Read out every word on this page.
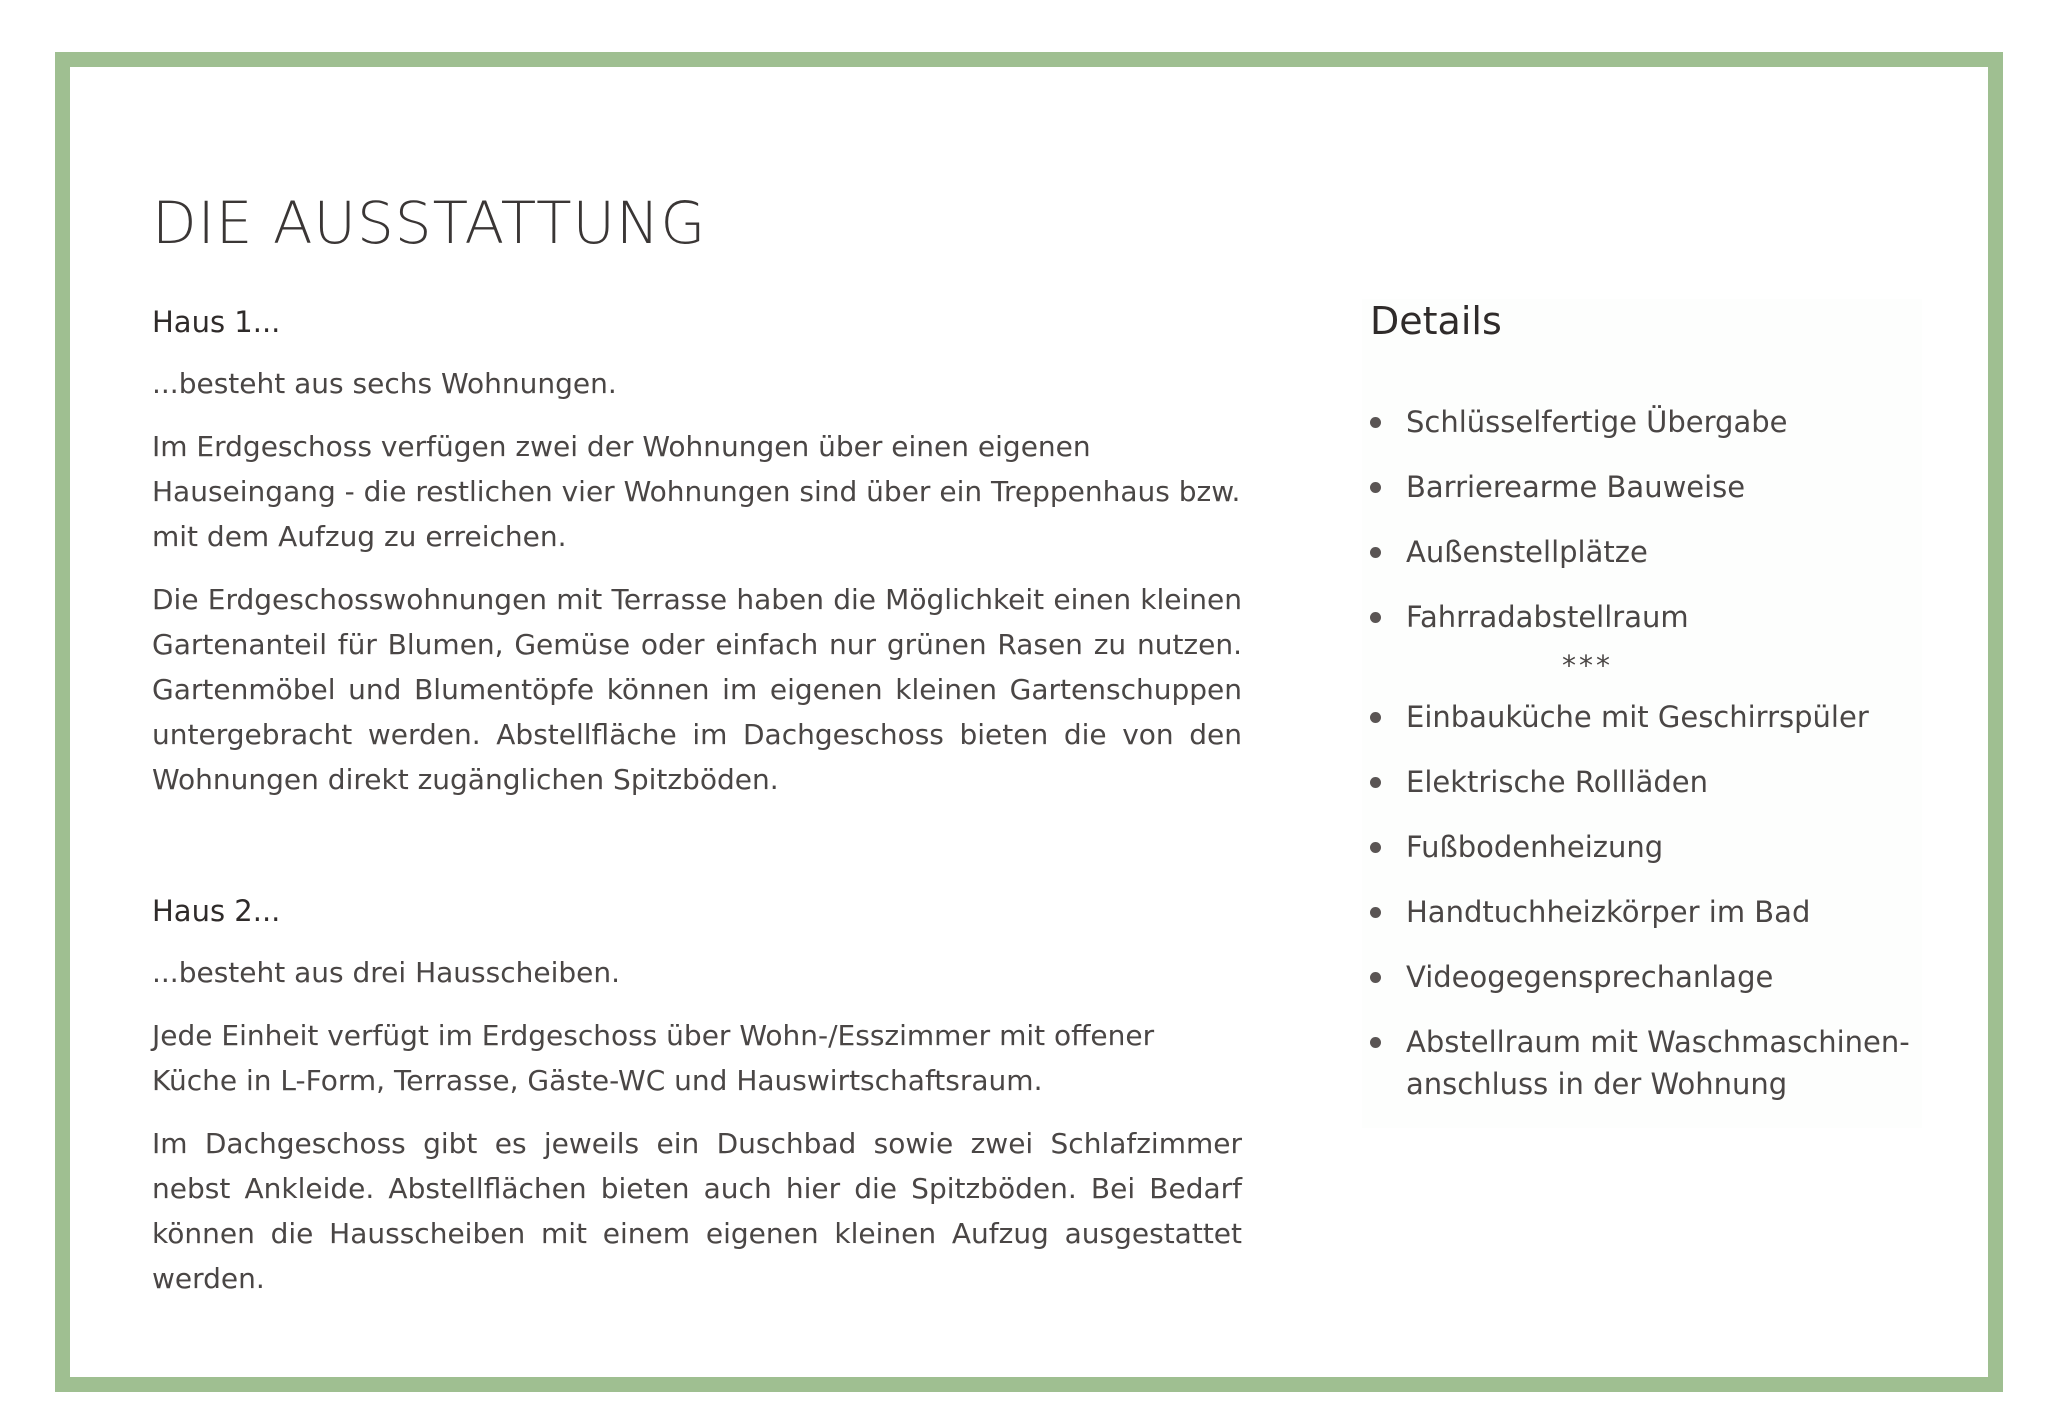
DIE AUSSTATTUNG
Haus 1...

...besteht aus sechs Wohnungen.

Im Erdgeschoss verfügen zwei der Wohnungen über einen eigenen Hauseingang - die restlichen vier Wohnungen sind über ein Treppenhaus bzw. mit dem Aufzug zu erreichen.

Die Erdgeschosswohnungen mit Terrasse haben die Möglichkeit einen kleinen Gartenanteil für Blumen, Gemüse oder einfach nur grünen Rasen zu nutzen. Gartenmöbel und Blumentöpfe können im eigenen kleinen Gartenschuppen untergebracht werden. Abstellfläche im Dachgeschoss bieten die von den Wohnungen direkt zugänglichen Spitzböden.

Haus 2...

...besteht aus drei Hausscheiben.

Jede Einheit verfügt im Erdgeschoss über Wohn-/Esszimmer mit offener Küche in L-Form, Terrasse, Gäste-WC und Hauswirtschaftsraum.

Im Dachgeschoss gibt es jeweils ein Duschbad sowie zwei Schlafzimmer nebst Ankleide. Abstellflächen bieten auch hier die Spitzböden. Bei Bedarf können die Hausscheiben mit einem eigenen kleinen Aufzug ausgestattet werden.

Details
Schlüsselfertige Übergabe
Barrierearme Bauweise
Außenstellplätze
Fahrradabstellraum
***
Einbauküche mit Geschirrspüler
Elektrische Rollläden
Fußbodenheizung
Handtuchheizkörper im Bad
Videogegensprechanlage
Abstellraum mit Waschmaschinen-anschluss in der Wohnung
